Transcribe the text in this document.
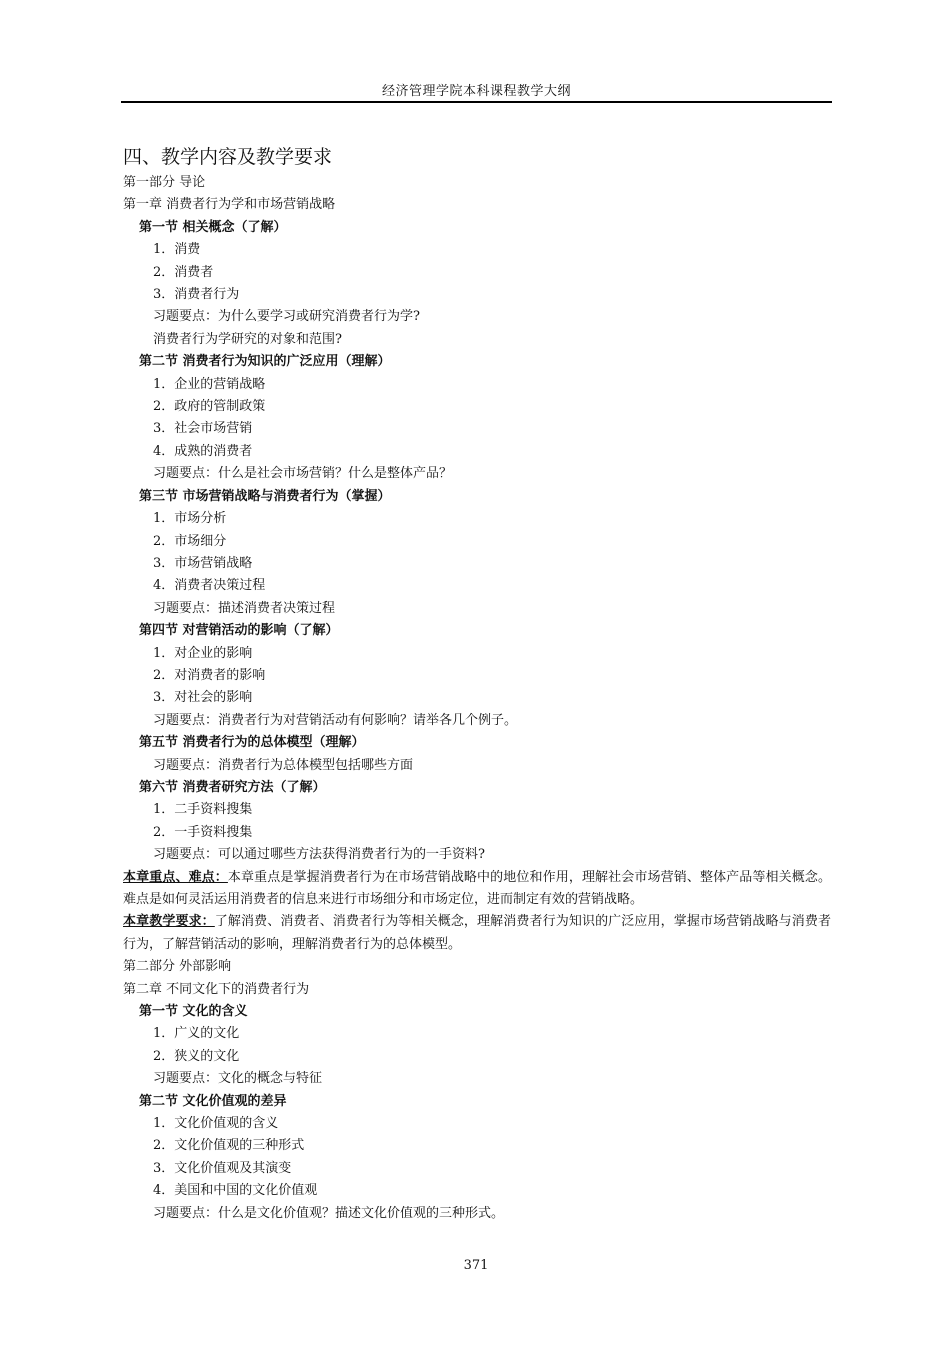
经济管理学院本科课程教学大纲
四、教学内容及教学要求
第一部分 导论
第一章 消费者行为学和市场营销战略
第一节 相关概念（了解）
1．消费
2．消费者
3．消费者行为
习题要点：为什么要学习或研究消费者行为学?
消费者行为学研究的对象和范围?
第二节 消费者行为知识的广泛应用（理解）
1．企业的营销战略
2．政府的管制政策
3．社会市场营销
4．成熟的消费者
习题要点：什么是社会市场营销？什么是整体产品？
第三节 市场营销战略与消费者行为（掌握）
1．市场分析
2．市场细分
3．市场营销战略
4．消费者决策过程
习题要点：描述消费者决策过程
第四节 对营销活动的影响（了解）
1．对企业的影响
2．对消费者的影响
3．对社会的影响
习题要点：消费者行为对营销活动有何影响？请举各几个例子。
第五节 消费者行为的总体模型（理解）
习题要点：消费者行为总体模型包括哪些方面
第六节 消费者研究方法（了解）
1．二手资料搜集
2．一手资料搜集
习题要点：可以通过哪些方法获得消费者行为的一手资料?
本章重点、难点：本章重点是掌握消费者行为在市场营销战略中的地位和作用，理解社会市场营销、整体产品等相关概念。难点是如何灵活运用消费者的信息来进行市场细分和市场定位，进而制定有效的营销战略。
本章教学要求：了解消费、消费者、消费者行为等相关概念，理解消费者行为知识的广泛应用，掌握市场营销战略与消费者行为，了解营销活动的影响，理解消费者行为的总体模型。
第二部分 外部影响
第二章 不同文化下的消费者行为
第一节 文化的含义
1．广义的文化
2．狭义的文化
习题要点：文化的概念与特征
第二节 文化价值观的差异
1．文化价值观的含义
2．文化价值观的三种形式
3．文化价值观及其演变
4．美国和中国的文化价值观
习题要点：什么是文化价值观？描述文化价值观的三种形式。
371
